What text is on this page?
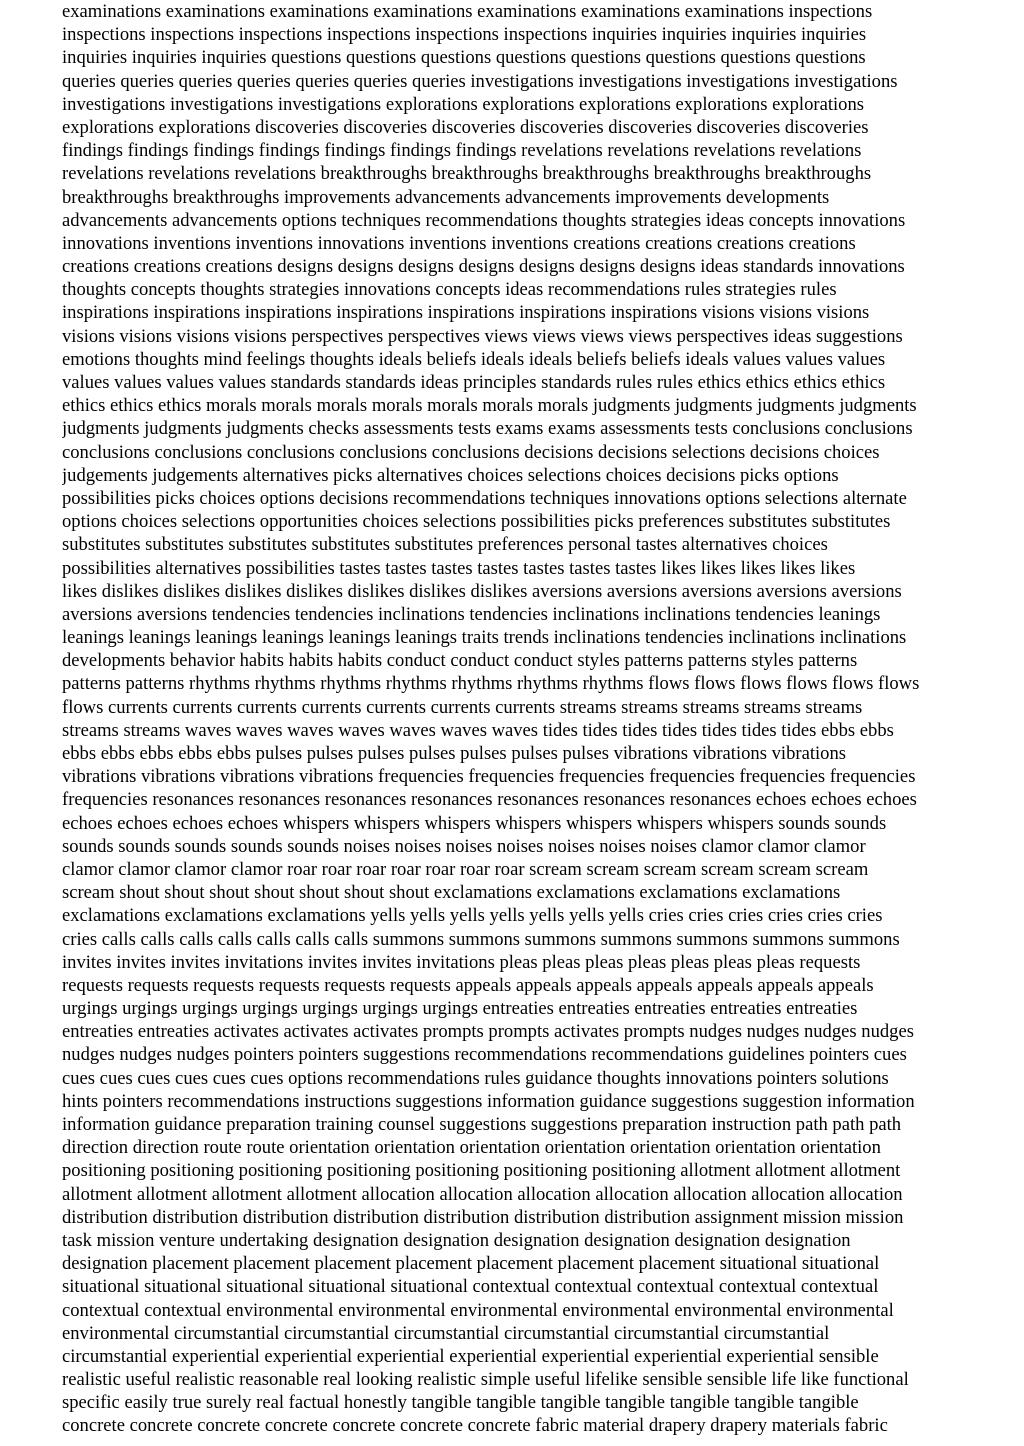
examinations examinations examinations examinations examinations examinations examinations inspections
inspections inspections inspections inspections inspections inspections inquiries inquiries inquiries inquiries
inquiries inquiries inquiries questions questions questions questions questions questions questions questions
queries queries queries queries queries queries queries investigations investigations investigations investigations
investigations investigations investigations explorations explorations explorations explorations explorations
explorations explorations discoveries discoveries discoveries discoveries discoveries discoveries discoveries
findings findings findings findings findings findings findings revelations revelations revelations revelations
revelations revelations revelations breakthroughs breakthroughs breakthroughs breakthroughs breakthroughs
breakthroughs breakthroughs improvements advancements advancements improvements developments
advancements advancements options techniques recommendations thoughts strategies ideas concepts innovations
innovations inventions inventions innovations inventions inventions creations creations creations creations
creations creations creations designs designs designs designs designs designs designs ideas standards innovations
thoughts concepts thoughts strategies innovations concepts ideas recommendations rules strategies rules
inspirations inspirations inspirations inspirations inspirations inspirations inspirations visions visions visions
visions visions visions visions perspectives perspectives views views views views perspectives ideas suggestions
emotions thoughts mind feelings thoughts ideals beliefs ideals ideals beliefs beliefs ideals values values values
values values values values standards standards ideas principles standards rules rules ethics ethics ethics ethics
ethics ethics ethics morals morals morals morals morals morals morals judgments judgments judgments judgments
judgments judgments judgments checks assessments tests exams exams assessments tests conclusions conclusions
conclusions conclusions conclusions conclusions conclusions decisions decisions selections decisions choices
judgements judgements alternatives picks alternatives choices selections choices decisions picks options
possibilities picks choices options decisions recommendations techniques innovations options selections alternate
options choices selections opportunities choices selections possibilities picks preferences substitutes substitutes
substitutes substitutes substitutes substitutes substitutes preferences personal tastes alternatives choices
possibilities alternatives possibilities tastes tastes tastes tastes tastes tastes tastes likes likes likes likes likes
likes dislikes dislikes dislikes dislikes dislikes dislikes dislikes aversions aversions aversions aversions aversions
aversions aversions tendencies tendencies inclinations tendencies inclinations inclinations tendencies leanings
leanings leanings leanings leanings leanings leanings traits trends inclinations tendencies inclinations inclinations
developments behavior habits habits habits conduct conduct conduct styles patterns patterns styles patterns
patterns patterns rhythms rhythms rhythms rhythms rhythms rhythms rhythms flows flows flows flows flows flows
flows currents currents currents currents currents currents currents streams streams streams streams streams
streams streams waves waves waves waves waves waves waves tides tides tides tides tides tides tides ebbs ebbs
ebbs ebbs ebbs ebbs ebbs pulses pulses pulses pulses pulses pulses pulses vibrations vibrations vibrations
vibrations vibrations vibrations vibrations frequencies frequencies frequencies frequencies frequencies frequencies
frequencies resonances resonances resonances resonances resonances resonances resonances echoes echoes echoes
echoes echoes echoes echoes whispers whispers whispers whispers whispers whispers whispers sounds sounds
sounds sounds sounds sounds sounds noises noises noises noises noises noises noises clamor clamor clamor
clamor clamor clamor clamor roar roar roar roar roar roar roar scream scream scream scream scream scream
scream shout shout shout shout shout shout shout exclamations exclamations exclamations exclamations
exclamations exclamations exclamations yells yells yells yells yells yells yells cries cries cries cries cries cries
cries calls calls calls calls calls calls calls summons summons summons summons summons summons summons
invites invites invites invitations invites invites invitations pleas pleas pleas pleas pleas pleas pleas requests
requests requests requests requests requests requests appeals appeals appeals appeals appeals appeals appeals
urgings urgings urgings urgings urgings urgings urgings entreaties entreaties entreaties entreaties entreaties
entreaties entreaties activates activates activates prompts prompts activates prompts nudges nudges nudges nudges
nudges nudges nudges pointers pointers suggestions recommendations recommendations guidelines pointers cues
cues cues cues cues cues cues options recommendations rules guidance thoughts innovations pointers solutions
hints pointers recommendations instructions suggestions information guidance suggestions suggestion information
information guidance preparation training counsel suggestions suggestions preparation instruction path path path
direction direction route route orientation orientation orientation orientation orientation orientation orientation
positioning positioning positioning positioning positioning positioning positioning allotment allotment allotment
allotment allotment allotment allotment allocation allocation allocation allocation allocation allocation allocation
distribution distribution distribution distribution distribution distribution distribution assignment mission mission
task mission venture undertaking designation designation designation designation designation designation
designation placement placement placement placement placement placement placement situational situational
situational situational situational situational situational contextual contextual contextual contextual contextual
contextual contextual environmental environmental environmental environmental environmental environmental
environmental circumstantial circumstantial circumstantial circumstantial circumstantial circumstantial
circumstantial experiential experiential experiential experiential experiential experiential experiential sensible
realistic useful realistic reasonable real looking realistic simple useful lifelike sensible sensible life like functional
specific easily true surely real factual honestly tangible tangible tangible tangible tangible tangible tangible
concrete concrete concrete concrete concrete concrete concrete fabric material drapery drapery materials fabric
